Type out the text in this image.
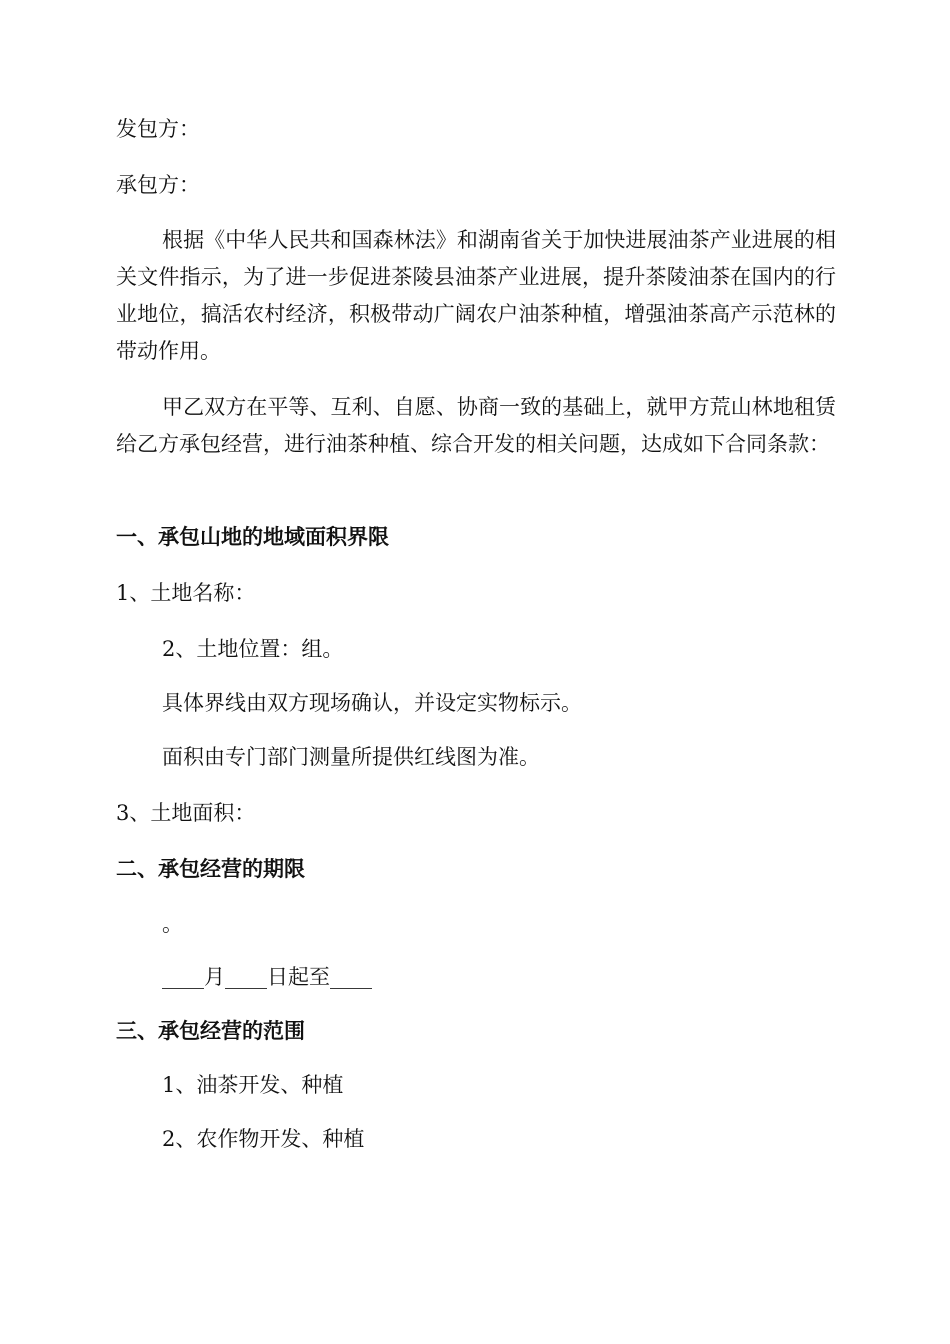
发包方：

承包方：

根据《中华人民共和国森林法》和湖南省关于加快进展油茶产业进展的相关文件指示，为了进一步促进茶陵县油茶产业进展，提升茶陵油茶在国内的行业地位，搞活农村经济，积极带动广阔农户油茶种植，增强油茶高产示范林的带动作用。

甲乙双方在平等、互利、自愿、协商一致的基础上，就甲方荒山林地租赁给乙方承包经营，进行油茶种植、综合开发的相关问题，达成如下合同条款：

一、承包山地的地域面积界限

1、土地名称：

2、土地位置：组。

具体界线由双方现场确认，并设定实物标示。

面积由专门部门测量所提供红线图为准。

3、土地面积：

二、承包经营的期限

。

____月____日起至____

三、承包经营的范围

1、油茶开发、种植

2、农作物开发、种植
